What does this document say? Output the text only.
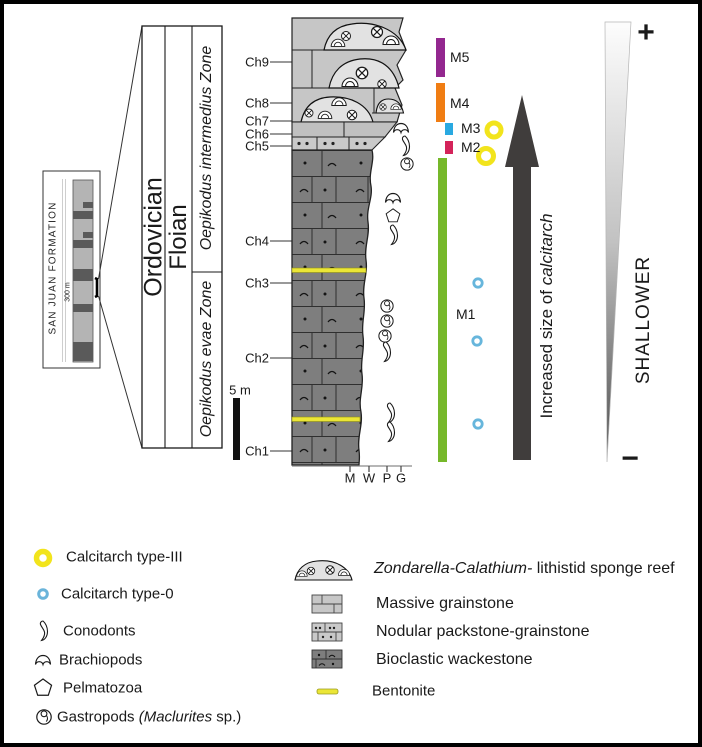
SAN JUAN FORMATION 300 m	Ordovician
Floian Oepikodus intermedius Zone
Oepikodus evae Zone
Ch9
Ch8
Ch7
Ch6
Ch5
Ch4
Ch3
Ch2
Ch1
5 m
M W P G
M5
M4
M3
M2
M1	Increased size of calcitarch
+
−
SHALLOWER
Calcitarch type-III
Calcitarch type-0
Conodonts
Brachiopods
Pelmatozoa
Gastropods (Maclurites sp.)
Zondarella-Calathium- lithistid sponge reef
Massive grainstone
Nodular packstone-grainstone
Bioclastic wackestone
Bentonite
